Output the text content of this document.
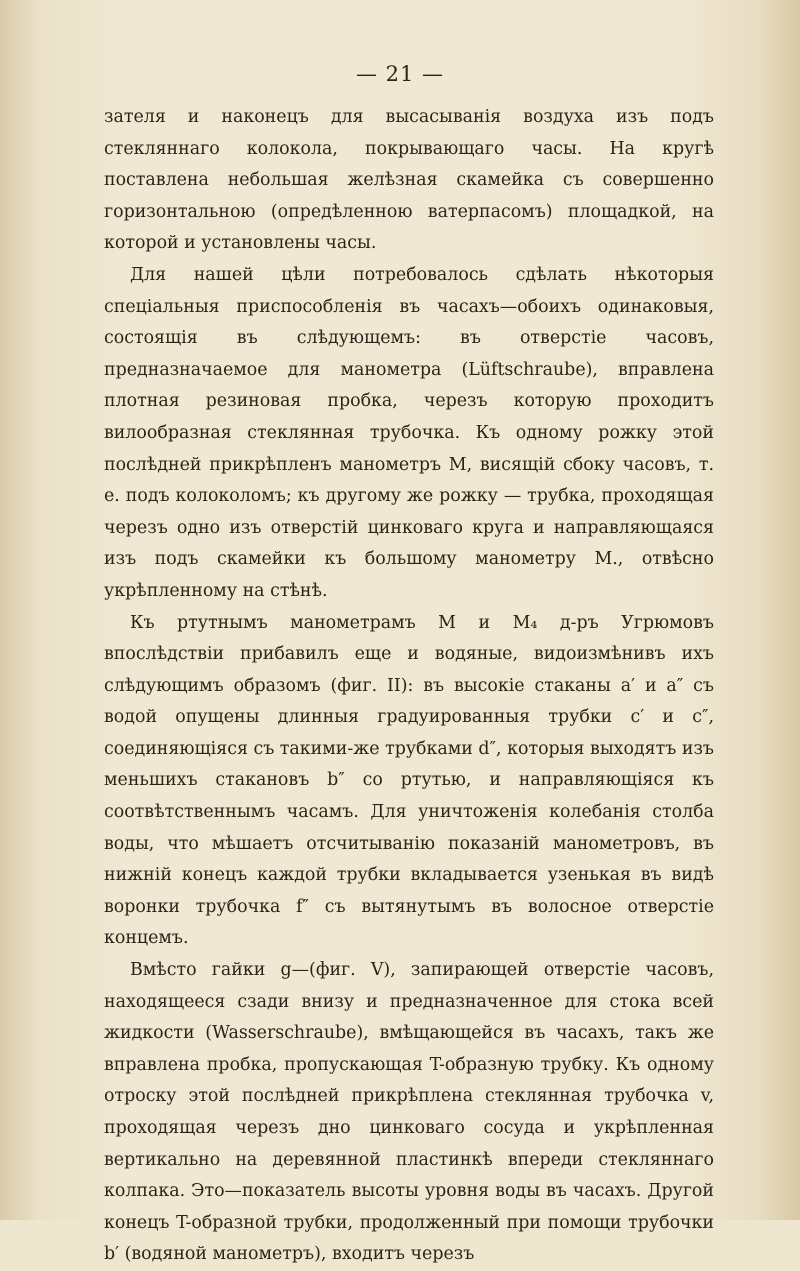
— 21 —

зателя и наконецъ для высасыванія воздуха изъ подъ стекляннаго колокола, покрывающаго часы. На кругѣ поставлена небольшая желѣзная скамейка съ совершенно горизонтальною (опредѣленною ватерпасомъ) площадкой, на которой и установлены часы.

Для нашей цѣли потребовалось сдѣлать нѣкоторыя спеціальныя приспособленія въ часахъ—обоихъ одинаковыя, состоящія въ слѣдующемъ: въ отверстіе часовъ, предназначаемое для манометра (Lüftschraube), вправлена плотная резиновая пробка, черезъ которую проходитъ вилообразная стеклянная трубочка. Къ одному рожку этой послѣдней прикрѣпленъ манометръ M, висящій сбоку часовъ, т. е. подъ колоколомъ; къ другому же рожку — трубка, проходящая черезъ одно изъ отверстій цинковаго круга и направляющаяся изъ подъ скамейки къ большому манометру M., отвѣсно укрѣпленному на стѣнѣ.

Къ ртутнымъ манометрамъ M и M₄ д-ръ Угрюмовъ впослѣдствіи прибавилъ еще и водяные, видоизмѣнивъ ихъ слѣдующимъ образомъ (фиг. II): въ высокіе стаканы a′ и a″ съ водой опущены длинныя градуированныя трубки c′ и c″, соединяющіяся съ такими-же трубками d″, которыя выходятъ изъ меньшихъ стакановъ b″ со ртутью, и направляющіяся къ соотвѣтственнымъ часамъ. Для уничтоженія колебанія столба воды, что мѣшаетъ отсчитыванію показаній манометровъ, въ нижній конецъ каждой трубки вкладывается узенькая въ видѣ воронки трубочка f″ съ вытянутымъ въ волосное отверстіе концемъ.

Вмѣсто гайки g—(фиг. V), запирающей отверстіе часовъ, находящееся сзади внизу и предназначенное для стока всей жидкости (Wasserschraube), вмѣщающейся въ часахъ, такъ же вправлена пробка, пропускающая T-образную трубку. Къ одному отроску этой послѣдней прикрѣплена стеклянная трубочка v, проходящая черезъ дно цинковаго сосуда и укрѣпленная вертикально на деревянной пластинкѣ впереди стекляннаго колпака. Это—показатель высоты уровня воды въ часахъ. Другой конецъ T-образной трубки, продолженный при помощи трубочки b′ (водяной манометръ), входитъ черезъ
